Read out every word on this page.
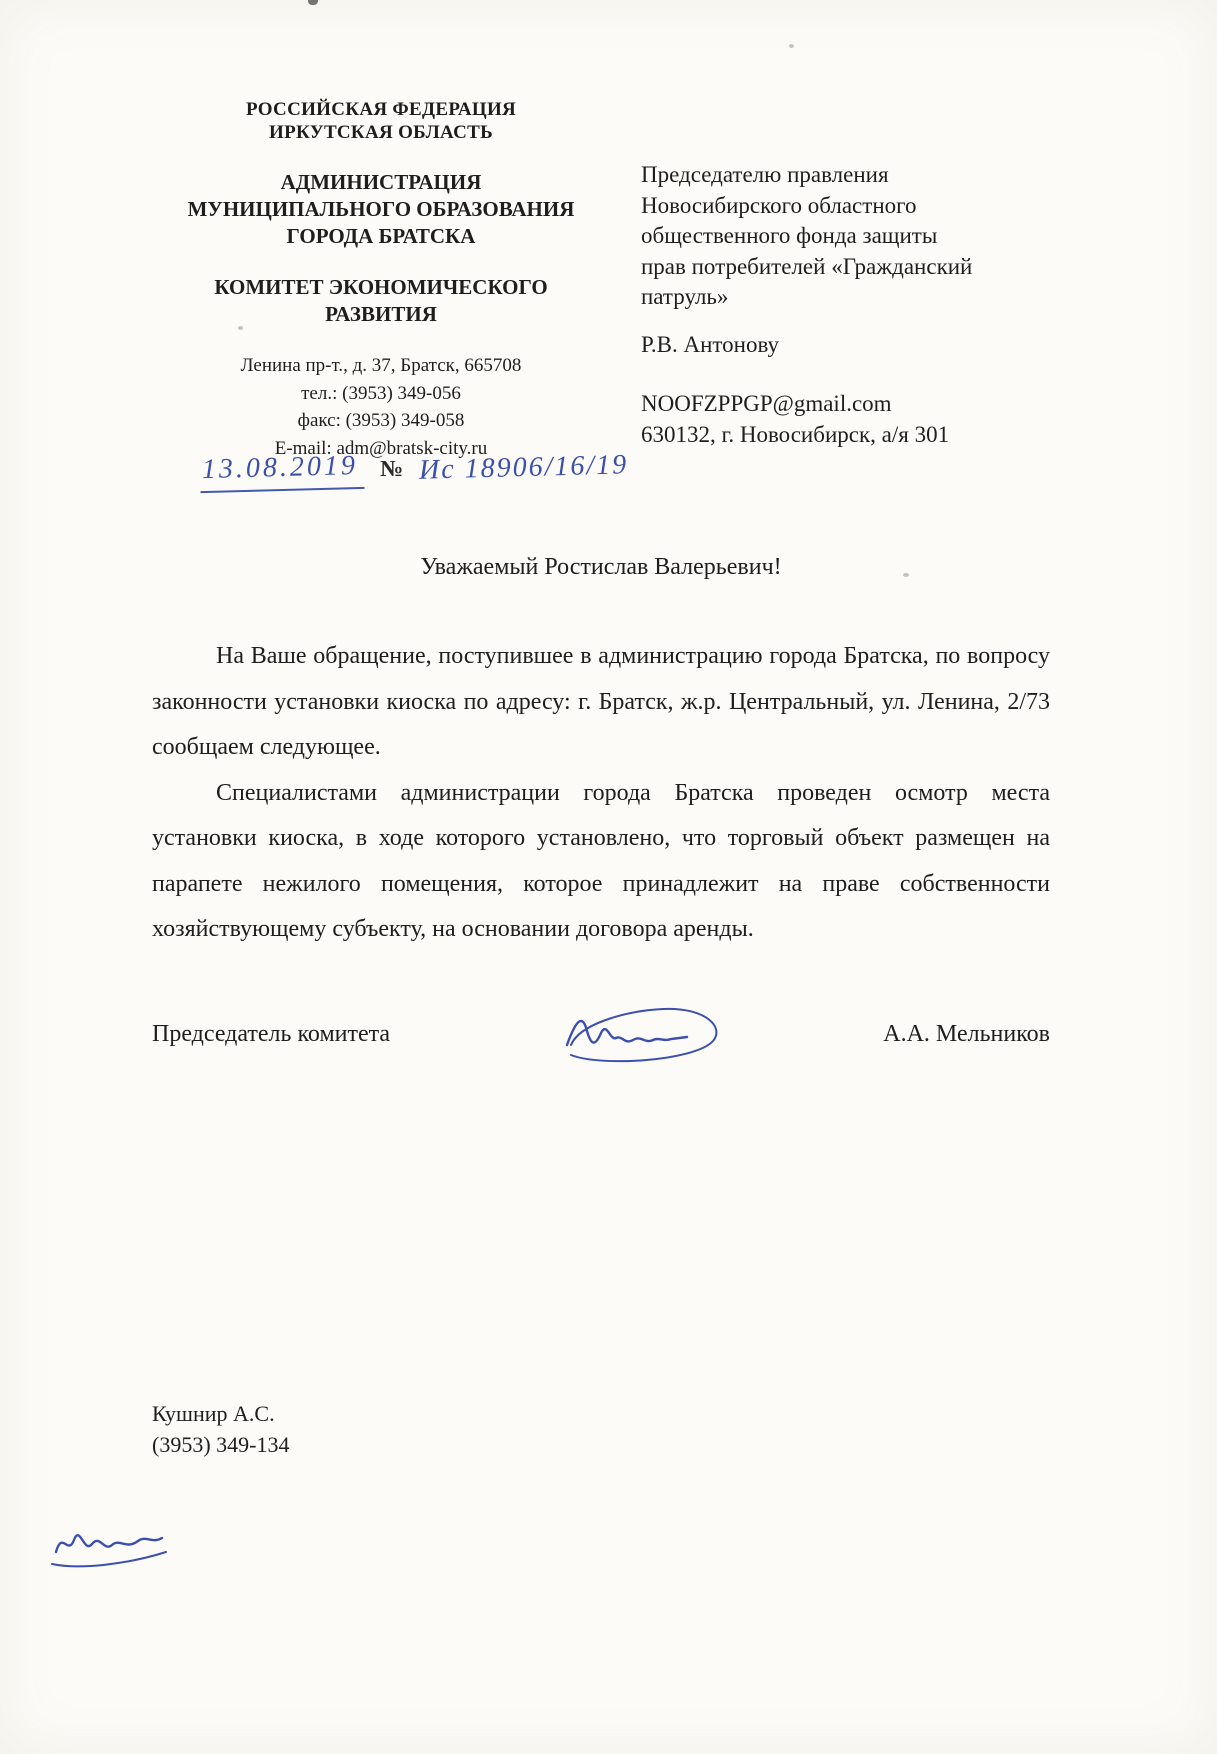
РОССИЙСКАЯ ФЕДЕРАЦИЯ
ИРКУТСКАЯ ОБЛАСТЬ
АДМИНИСТРАЦИЯ
МУНИЦИПАЛЬНОГО ОБРАЗОВАНИЯ
ГОРОДА БРАТСКА
КОМИТЕТ ЭКОНОМИЧЕСКОГО
РАЗВИТИЯ
Ленина пр-т., д. 37, Братск, 665708
тел.: (3953) 349-056
факс: (3953) 349-058
E-mail: adm@bratsk-city.ru
13.08.2019 № Ис 18906/16/19
Председателю правления
Новосибирского областного
общественного фонда защиты
прав потребителей «Гражданский
патруль»
Р.В. Антонову
NOOFZPPGP@gmail.com
630132, г. Новосибирск, а/я 301
Уважаемый Ростислав Валерьевич!

На Ваше обращение, поступившее в администрацию города Братска, по вопросу законности установки киоска по адресу: г. Братск, ж.р. Центральный, ул. Ленина, 2/73 сообщаем следующее.

Специалистами администрации города Братска проведен осмотр места установки киоска, в ходе которого установлено, что торговый объект размещен на парапете нежилого помещения, которое принадлежит на праве собственности хозяйствующему субъекту, на основании договора аренды.

Председатель комитета	А.А. Мельников
Кушнир А.С.
(3953) 349-134
